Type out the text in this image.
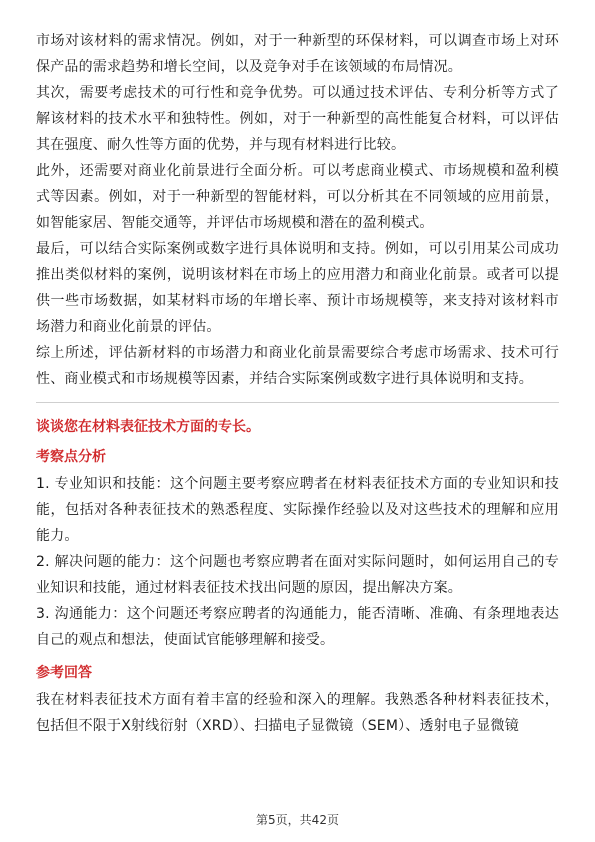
市场对该材料的需求情况。例如，对于一种新型的环保材料，可以调查市场上对环保产品的需求趋势和增长空间，以及竞争对手在该领域的布局情况。

其次，需要考虑技术的可行性和竞争优势。可以通过技术评估、专利分析等方式了解该材料的技术水平和独特性。例如，对于一种新型的高性能复合材料，可以评估其在强度、耐久性等方面的优势，并与现有材料进行比较。

此外，还需要对商业化前景进行全面分析。可以考虑商业模式、市场规模和盈利模式等因素。例如，对于一种新型的智能材料，可以分析其在不同领域的应用前景，如智能家居、智能交通等，并评估市场规模和潜在的盈利模式。

最后，可以结合实际案例或数字进行具体说明和支持。例如，可以引用某公司成功推出类似材料的案例，说明该材料在市场上的应用潜力和商业化前景。或者可以提供一些市场数据，如某材料市场的年增长率、预计市场规模等，来支持对该材料市场潜力和商业化前景的评估。

综上所述，评估新材料的市场潜力和商业化前景需要综合考虑市场需求、技术可行性、商业模式和市场规模等因素，并结合实际案例或数字进行具体说明和支持。

谈谈您在材料表征技术方面的专长。

考察点分析

1. 专业知识和技能：这个问题主要考察应聘者在材料表征技术方面的专业知识和技能，包括对各种表征技术的熟悉程度、实际操作经验以及对这些技术的理解和应用能力。

2. 解决问题的能力：这个问题也考察应聘者在面对实际问题时，如何运用自己的专业知识和技能，通过材料表征技术找出问题的原因，提出解决方案。

3. 沟通能力：这个问题还考察应聘者的沟通能力，能否清晰、准确、有条理地表达自己的观点和想法，使面试官能够理解和接受。

参考回答

我在材料表征技术方面有着丰富的经验和深入的理解。我熟悉各种材料表征技术，包括但不限于X射线衍射（XRD）、扫描电子显微镜（SEM）、透射电子显微镜

第5页，共42页
